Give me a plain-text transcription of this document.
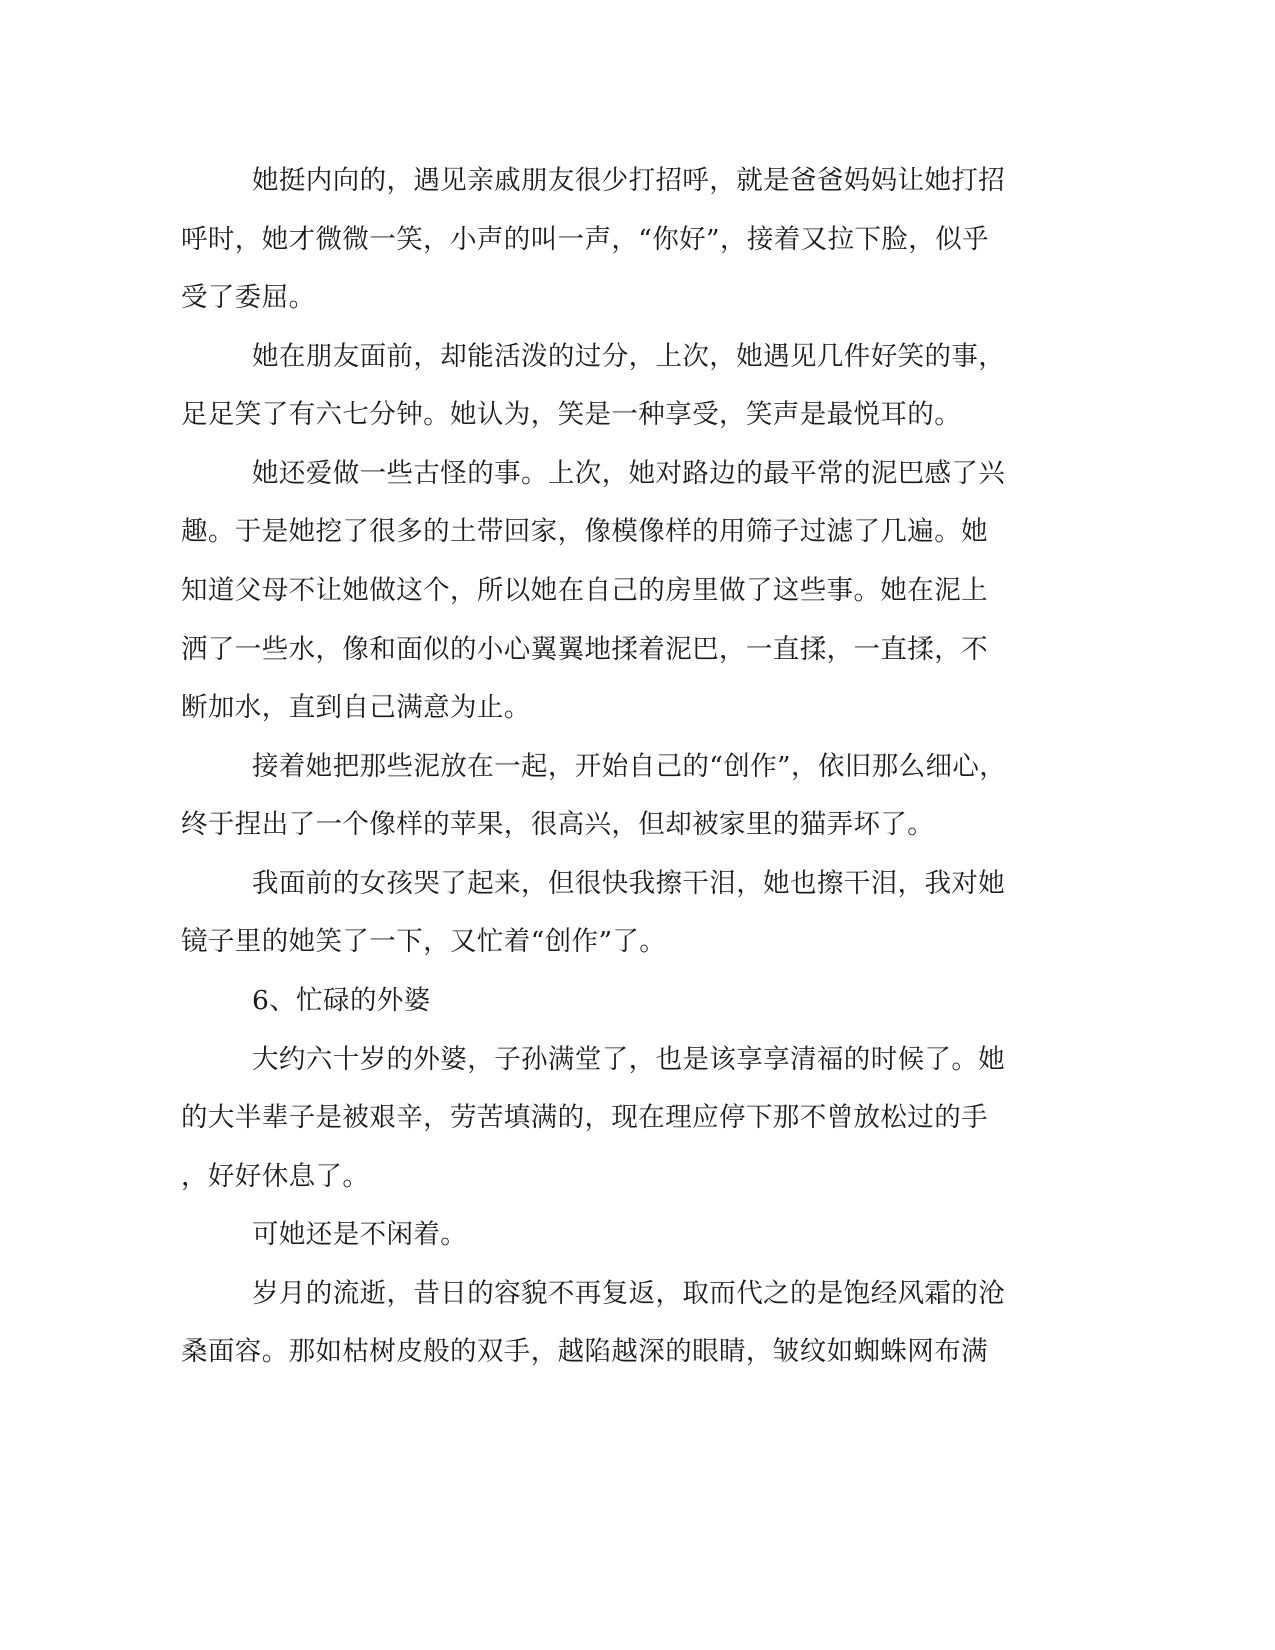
她挺内向的，遇见亲戚朋友很少打招呼，就是爸爸妈妈让她打招
呼时，她才微微一笑，小声的叫一声，“你好”，接着又拉下脸，似乎
受了委屈。
她在朋友面前，却能活泼的过分，上次，她遇见几件好笑的事，
足足笑了有六七分钟。她认为，笑是一种享受，笑声是最悦耳的。
她还爱做一些古怪的事。上次，她对路边的最平常的泥巴感了兴
趣。于是她挖了很多的土带回家，像模像样的用筛子过滤了几遍。她
知道父母不让她做这个，所以她在自己的房里做了这些事。她在泥上
洒了一些水，像和面似的小心翼翼地揉着泥巴，一直揉，一直揉，不
断加水，直到自己满意为止。
接着她把那些泥放在一起，开始自己的“创作”，依旧那么细心，
终于捏出了一个像样的苹果，很高兴，但却被家里的猫弄坏了。
我面前的女孩哭了起来，但很快我擦干泪，她也擦干泪，我对她
镜子里的她笑了一下，又忙着“创作”了。
6、忙碌的外婆
大约六十岁的外婆，子孙满堂了，也是该享享清福的时候了。她
的大半辈子是被艰辛，劳苦填满的，现在理应停下那不曾放松过的手
，好好休息了。
可她还是不闲着。
岁月的流逝，昔日的容貌不再复返，取而代之的是饱经风霜的沧
桑面容。那如枯树皮般的双手，越陷越深的眼睛，皱纹如蜘蛛网布满
